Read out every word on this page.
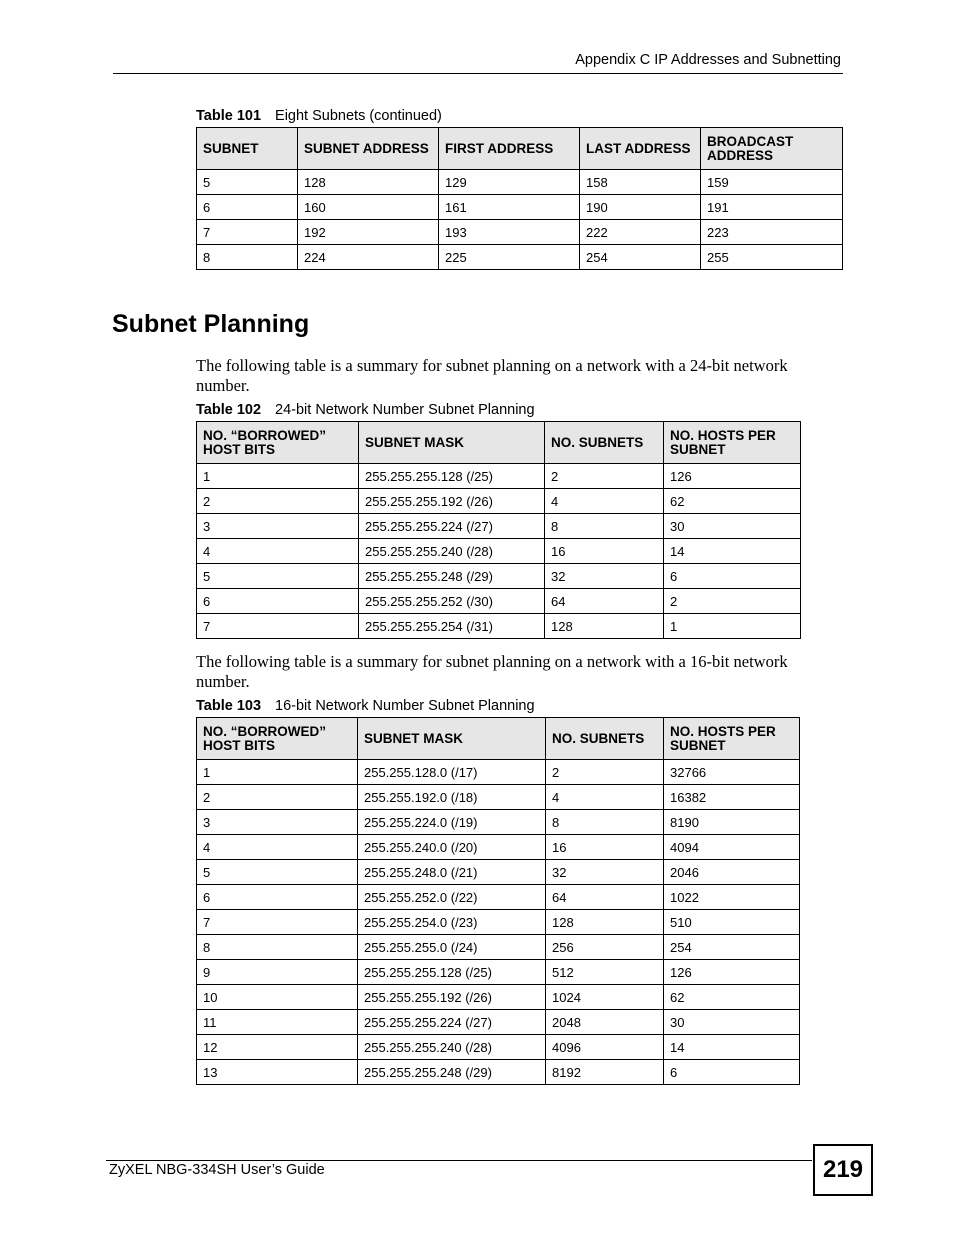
Appendix C IP Addresses and Subnetting
Table 101 Eight Subnets (continued)
SUBNET	SUBNET ADDRESS	FIRST ADDRESS	LAST ADDRESS	BROADCAST ADDRESS
5	128	129	158	159
6	160	161	190	191
7	192	193	222	223
8	224	225	254	255
Subnet Planning
The following table is a summary for subnet planning on a network with a 24-bit network number.
Table 102 24-bit Network Number Subnet Planning
NO. “BORROWED” HOST BITS	SUBNET MASK	NO. SUBNETS	NO. HOSTS PER SUBNET
1	255.255.255.128 (/25)	2	126
2	255.255.255.192 (/26)	4	62
3	255.255.255.224 (/27)	8	30
4	255.255.255.240 (/28)	16	14
5	255.255.255.248 (/29)	32	6
6	255.255.255.252 (/30)	64	2
7	255.255.255.254 (/31)	128	1
The following table is a summary for subnet planning on a network with a 16-bit network number.
Table 103 16-bit Network Number Subnet Planning
NO. “BORROWED” HOST BITS	SUBNET MASK	NO. SUBNETS	NO. HOSTS PER SUBNET
1	255.255.128.0 (/17)	2	32766
2	255.255.192.0 (/18)	4	16382
3	255.255.224.0 (/19)	8	8190
4	255.255.240.0 (/20)	16	4094
5	255.255.248.0 (/21)	32	2046
6	255.255.252.0 (/22)	64	1022
7	255.255.254.0 (/23)	128	510
8	255.255.255.0 (/24)	256	254
9	255.255.255.128 (/25)	512	126
10	255.255.255.192 (/26)	1024	62
11	255.255.255.224 (/27)	2048	30
12	255.255.255.240 (/28)	4096	14
13	255.255.255.248 (/29)	8192	6
ZyXEL NBG-334SH User’s Guide	219
